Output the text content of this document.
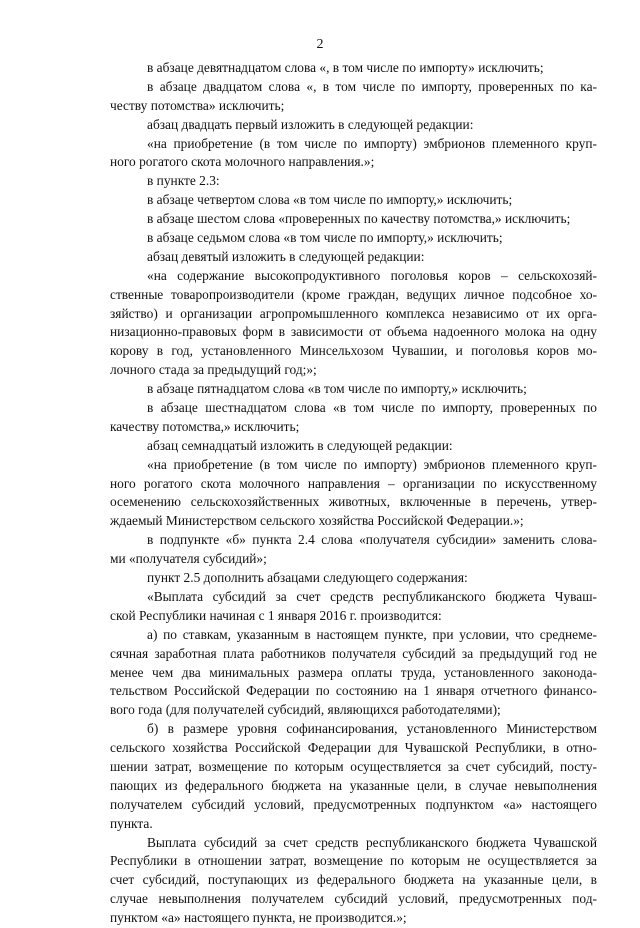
2
в абзаце девятнадцатом слова «, в том числе по импорту» исключить;
в абзаце двадцатом слова «, в том числе по импорту, проверенных по ка-
честву потомства» исключить;
абзац двадцать первый изложить в следующей редакции:
«на приобретение (в том числе по импорту) эмбрионов племенного круп-
ного рогатого скота молочного направления.»;
в пункте 2.3:
в абзаце четвертом слова «в том числе по импорту,» исключить;
в абзаце шестом слова «проверенных по качеству потомства,» исключить;
в абзаце седьмом слова «в том числе по импорту,» исключить;
абзац девятый изложить в следующей редакции:
«на содержание высокопродуктивного поголовья коров – сельскохозяй-
ственные товаропроизводители (кроме граждан, ведущих личное подсобное хо-
зяйство) и организации агропромышленного комплекса независимо от их орга-
низационно-правовых форм в зависимости от объема надоенного молока на одну
корову в год, установленного Минсельхозом Чувашии, и поголовья коров мо-
лочного стада за предыдущий год;»;
в абзаце пятнадцатом слова «в том числе по импорту,» исключить;
в абзаце шестнадцатом слова «в том числе по импорту, проверенных по
качеству потомства,» исключить;
абзац семнадцатый изложить в следующей редакции:
«на приобретение (в том числе по импорту) эмбрионов племенного круп-
ного рогатого скота молочного направления – организации по искусственному
осеменению сельскохозяйственных животных, включенные в перечень, утвер-
ждаемый Министерством сельского хозяйства Российской Федерации.»;
в подпункте «б» пункта 2.4 слова «получателя субсидии» заменить слова-
ми «получателя субсидий»;
пункт 2.5 дополнить абзацами следующего содержания:
«Выплата субсидий за счет средств республиканского бюджета Чуваш-
ской Республики начиная с 1 января 2016 г. производится:
а) по ставкам, указанным в настоящем пункте, при условии, что среднеме-
сячная заработная плата работников получателя субсидий за предыдущий год не
менее чем два минимальных размера оплаты труда, установленного законода-
тельством Российской Федерации по состоянию на 1 января отчетного финансо-
вого года (для получателей субсидий, являющихся работодателями);
б) в размере уровня софинансирования, установленного Министерством
сельского хозяйства Российской Федерации для Чувашской Республики, в отно-
шении затрат, возмещение по которым осуществляется за счет субсидий, посту-
пающих из федерального бюджета на указанные цели, в случае невыполнения
получателем субсидий условий, предусмотренных подпунктом «а» настоящего
пункта.
Выплата субсидий за счет средств республиканского бюджета Чувашской
Республики в отношении затрат, возмещение по которым не осуществляется за
счет субсидий, поступающих из федерального бюджета на указанные цели, в
случае невыполнения получателем субсидий условий, предусмотренных под-
пунктом «а» настоящего пункта, не производится.»;
